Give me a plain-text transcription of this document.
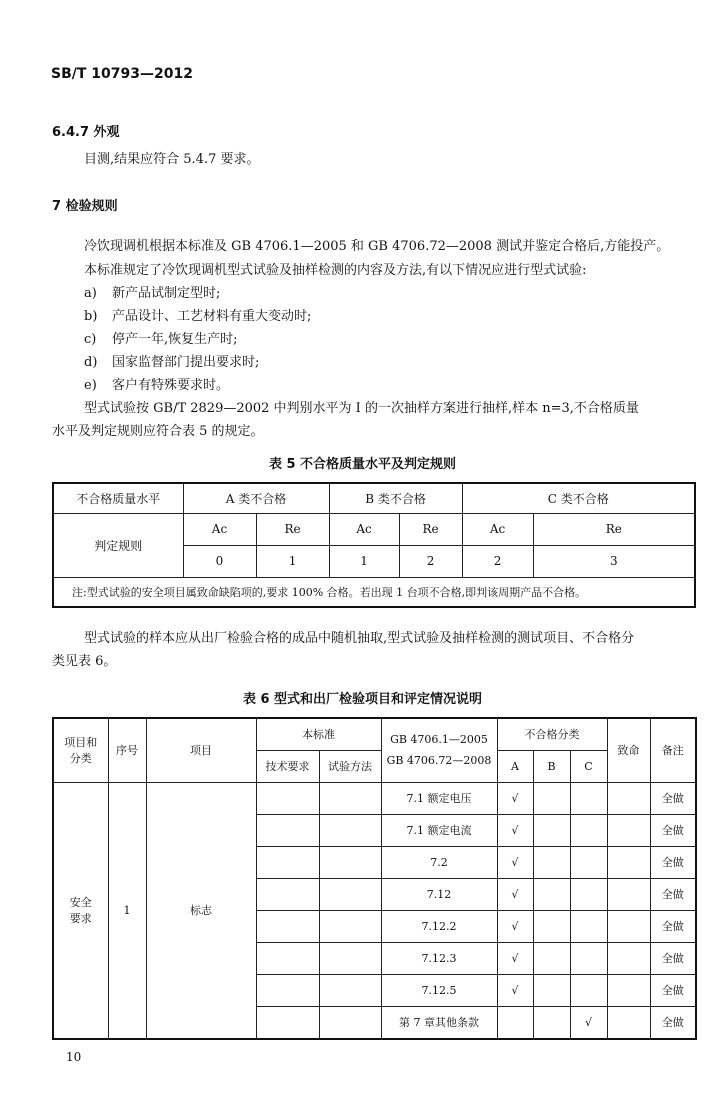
SB/T 10793—2012
6.4.7 外观
目测,结果应符合 5.4.7 要求。
7 检验规则
冷饮现调机根据本标准及 GB 4706.1—2005 和 GB 4706.72—2008 测试并鉴定合格后,方能投产。
本标准规定了冷饮现调机型式试验及抽样检测的内容及方法,有以下情况应进行型式试验:
a) 新产品试制定型时;
b) 产品设计、工艺材料有重大变动时;
c) 停产一年,恢复生产时;
d) 国家监督部门提出要求时;
e) 客户有特殊要求时。
型式试验按 GB/T 2829—2002 中判别水平为 Ⅰ 的一次抽样方案进行抽样,样本 n=3,不合格质量
水平及判定规则应符合表 5 的规定。
表 5 不合格质量水平及判定规则
不合格质量水平	A 类不合格		B 类不合格		C 类不合格	
判定规则	Ac	Re	Ac	Re	Ac	Re
	0	1	1	2	2	3
注:型式试验的安全项目属致命缺陷项的,要求 100% 合格。若出现 1 台项不合格,即判该周期产品不合格。						
型式试验的样本应从出厂检验合格的成品中随机抽取,型式试验及抽样检测的测试项目、不合格分
类见表 6。
表 6 型式和出厂检验项目和评定情况说明
项目和分类	序号	项目	本标准		GB 4706.1—2005
GB 4706.72—2008	不合格分类			致命	备注
			技术要求	试验方法		A	B	C		
安全要求	1	标志			7.1 额定电压	√				全做
					7.1 额定电流	√				全做
					7.2	√				全做
					7.12	√				全做
					7.12.2	√				全做
					7.12.3	√				全做
					7.12.5	√				全做
					第 7 章其他条款			√		全做
10
